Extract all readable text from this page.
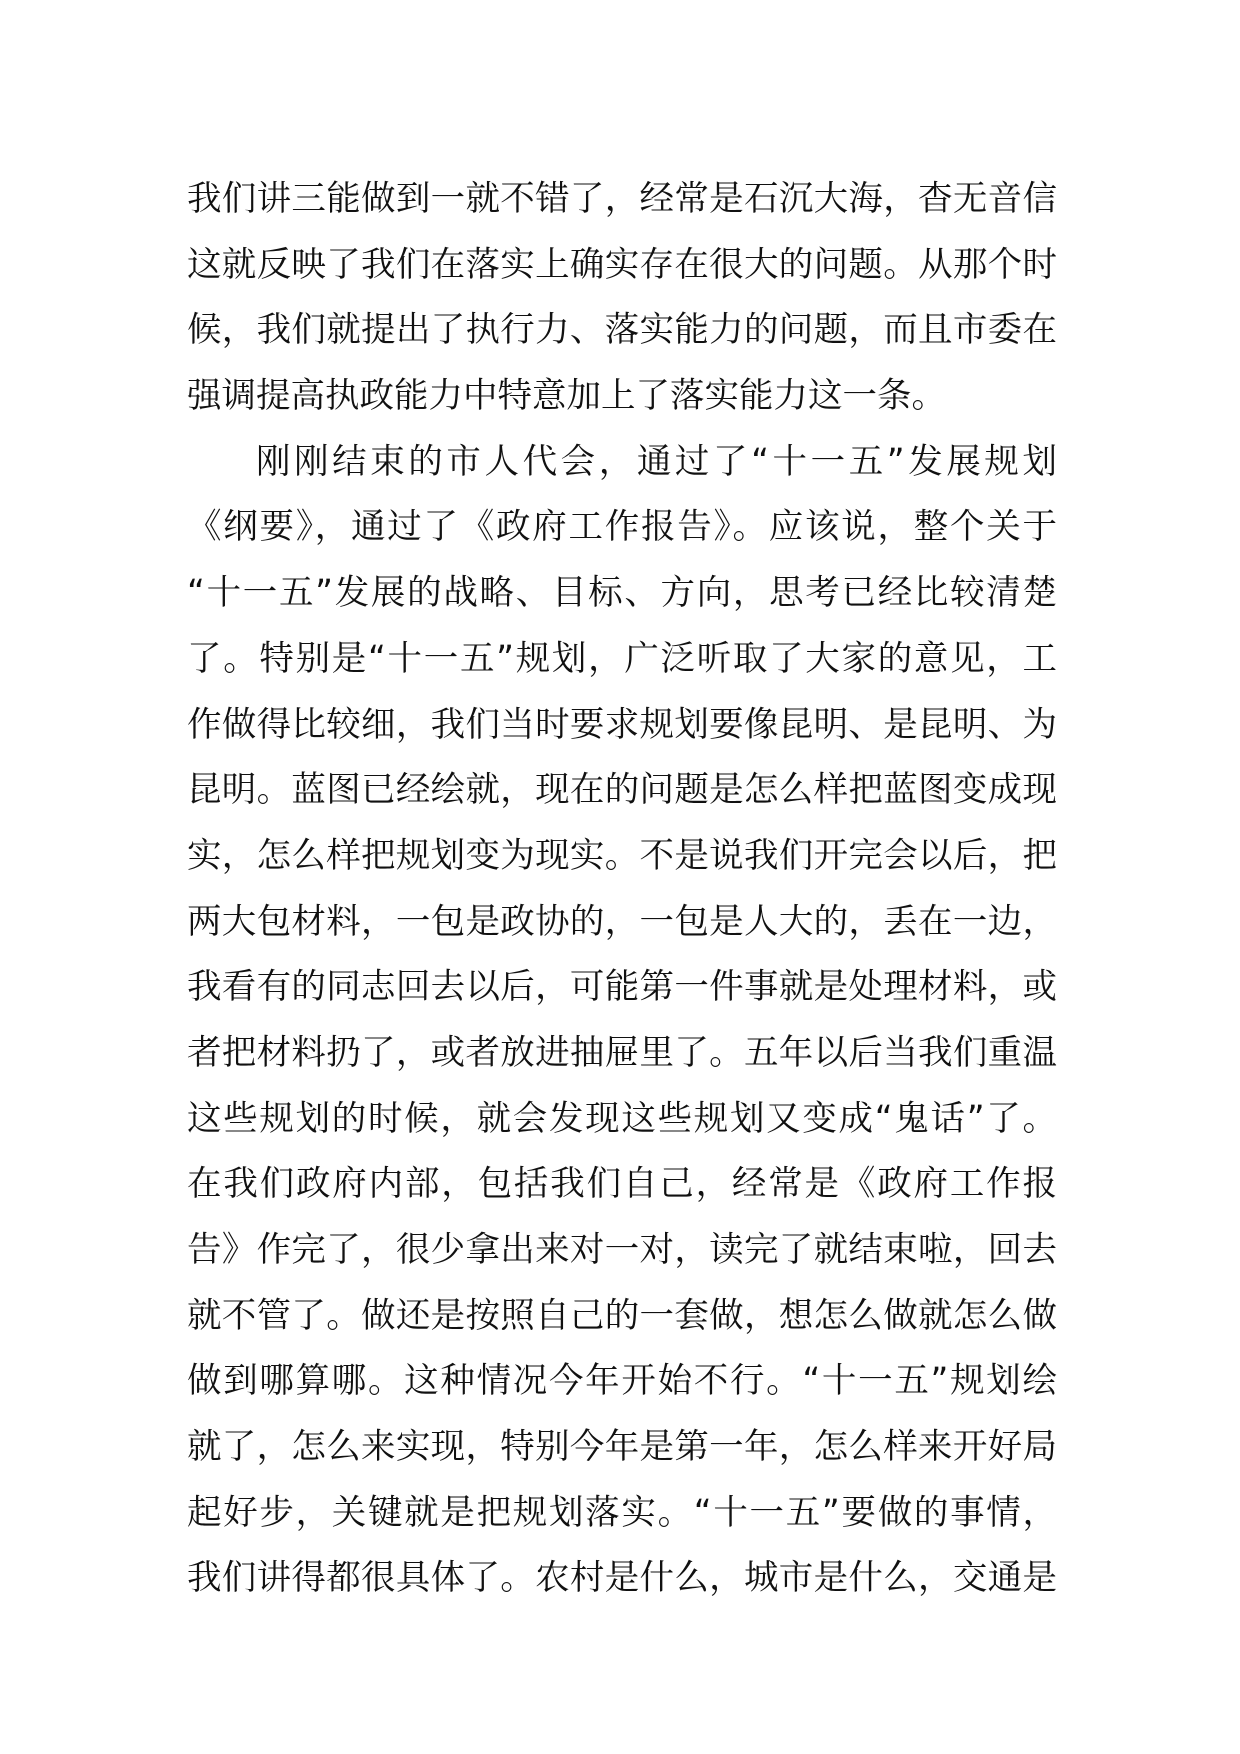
我们讲三能做到一就不错了，经常是石沉大海，杳无音信
这就反映了我们在落实上确实存在很大的问题。从那个时
候，我们就提出了执行力、落实能力的问题，而且市委在
强调提高执政能力中特意加上了落实能力这一条。
刚刚结束的市人代会，通过了“十一五”发展规划
《纲要》，通过了《政府工作报告》。应该说，整个关于
“十一五”发展的战略、目标、方向，思考已经比较清楚
了。特别是“十一五”规划，广泛听取了大家的意见，工
作做得比较细，我们当时要求规划要像昆明、是昆明、为
昆明。蓝图已经绘就，现在的问题是怎么样把蓝图变成现
实，怎么样把规划变为现实。不是说我们开完会以后，把
两大包材料，一包是政协的，一包是人大的，丢在一边，
我看有的同志回去以后，可能第一件事就是处理材料，或
者把材料扔了，或者放进抽屉里了。五年以后当我们重温
这些规划的时候，就会发现这些规划又变成“鬼话”了。
在我们政府内部，包括我们自己，经常是《政府工作报
告》作完了，很少拿出来对一对，读完了就结束啦，回去
就不管了。做还是按照自己的一套做，想怎么做就怎么做
做到哪算哪。这种情况今年开始不行。“十一五”规划绘
就了，怎么来实现，特别今年是第一年，怎么样来开好局
起好步，关键就是把规划落实。“十一五”要做的事情，
我们讲得都很具体了。农村是什么，城市是什么，交通是
